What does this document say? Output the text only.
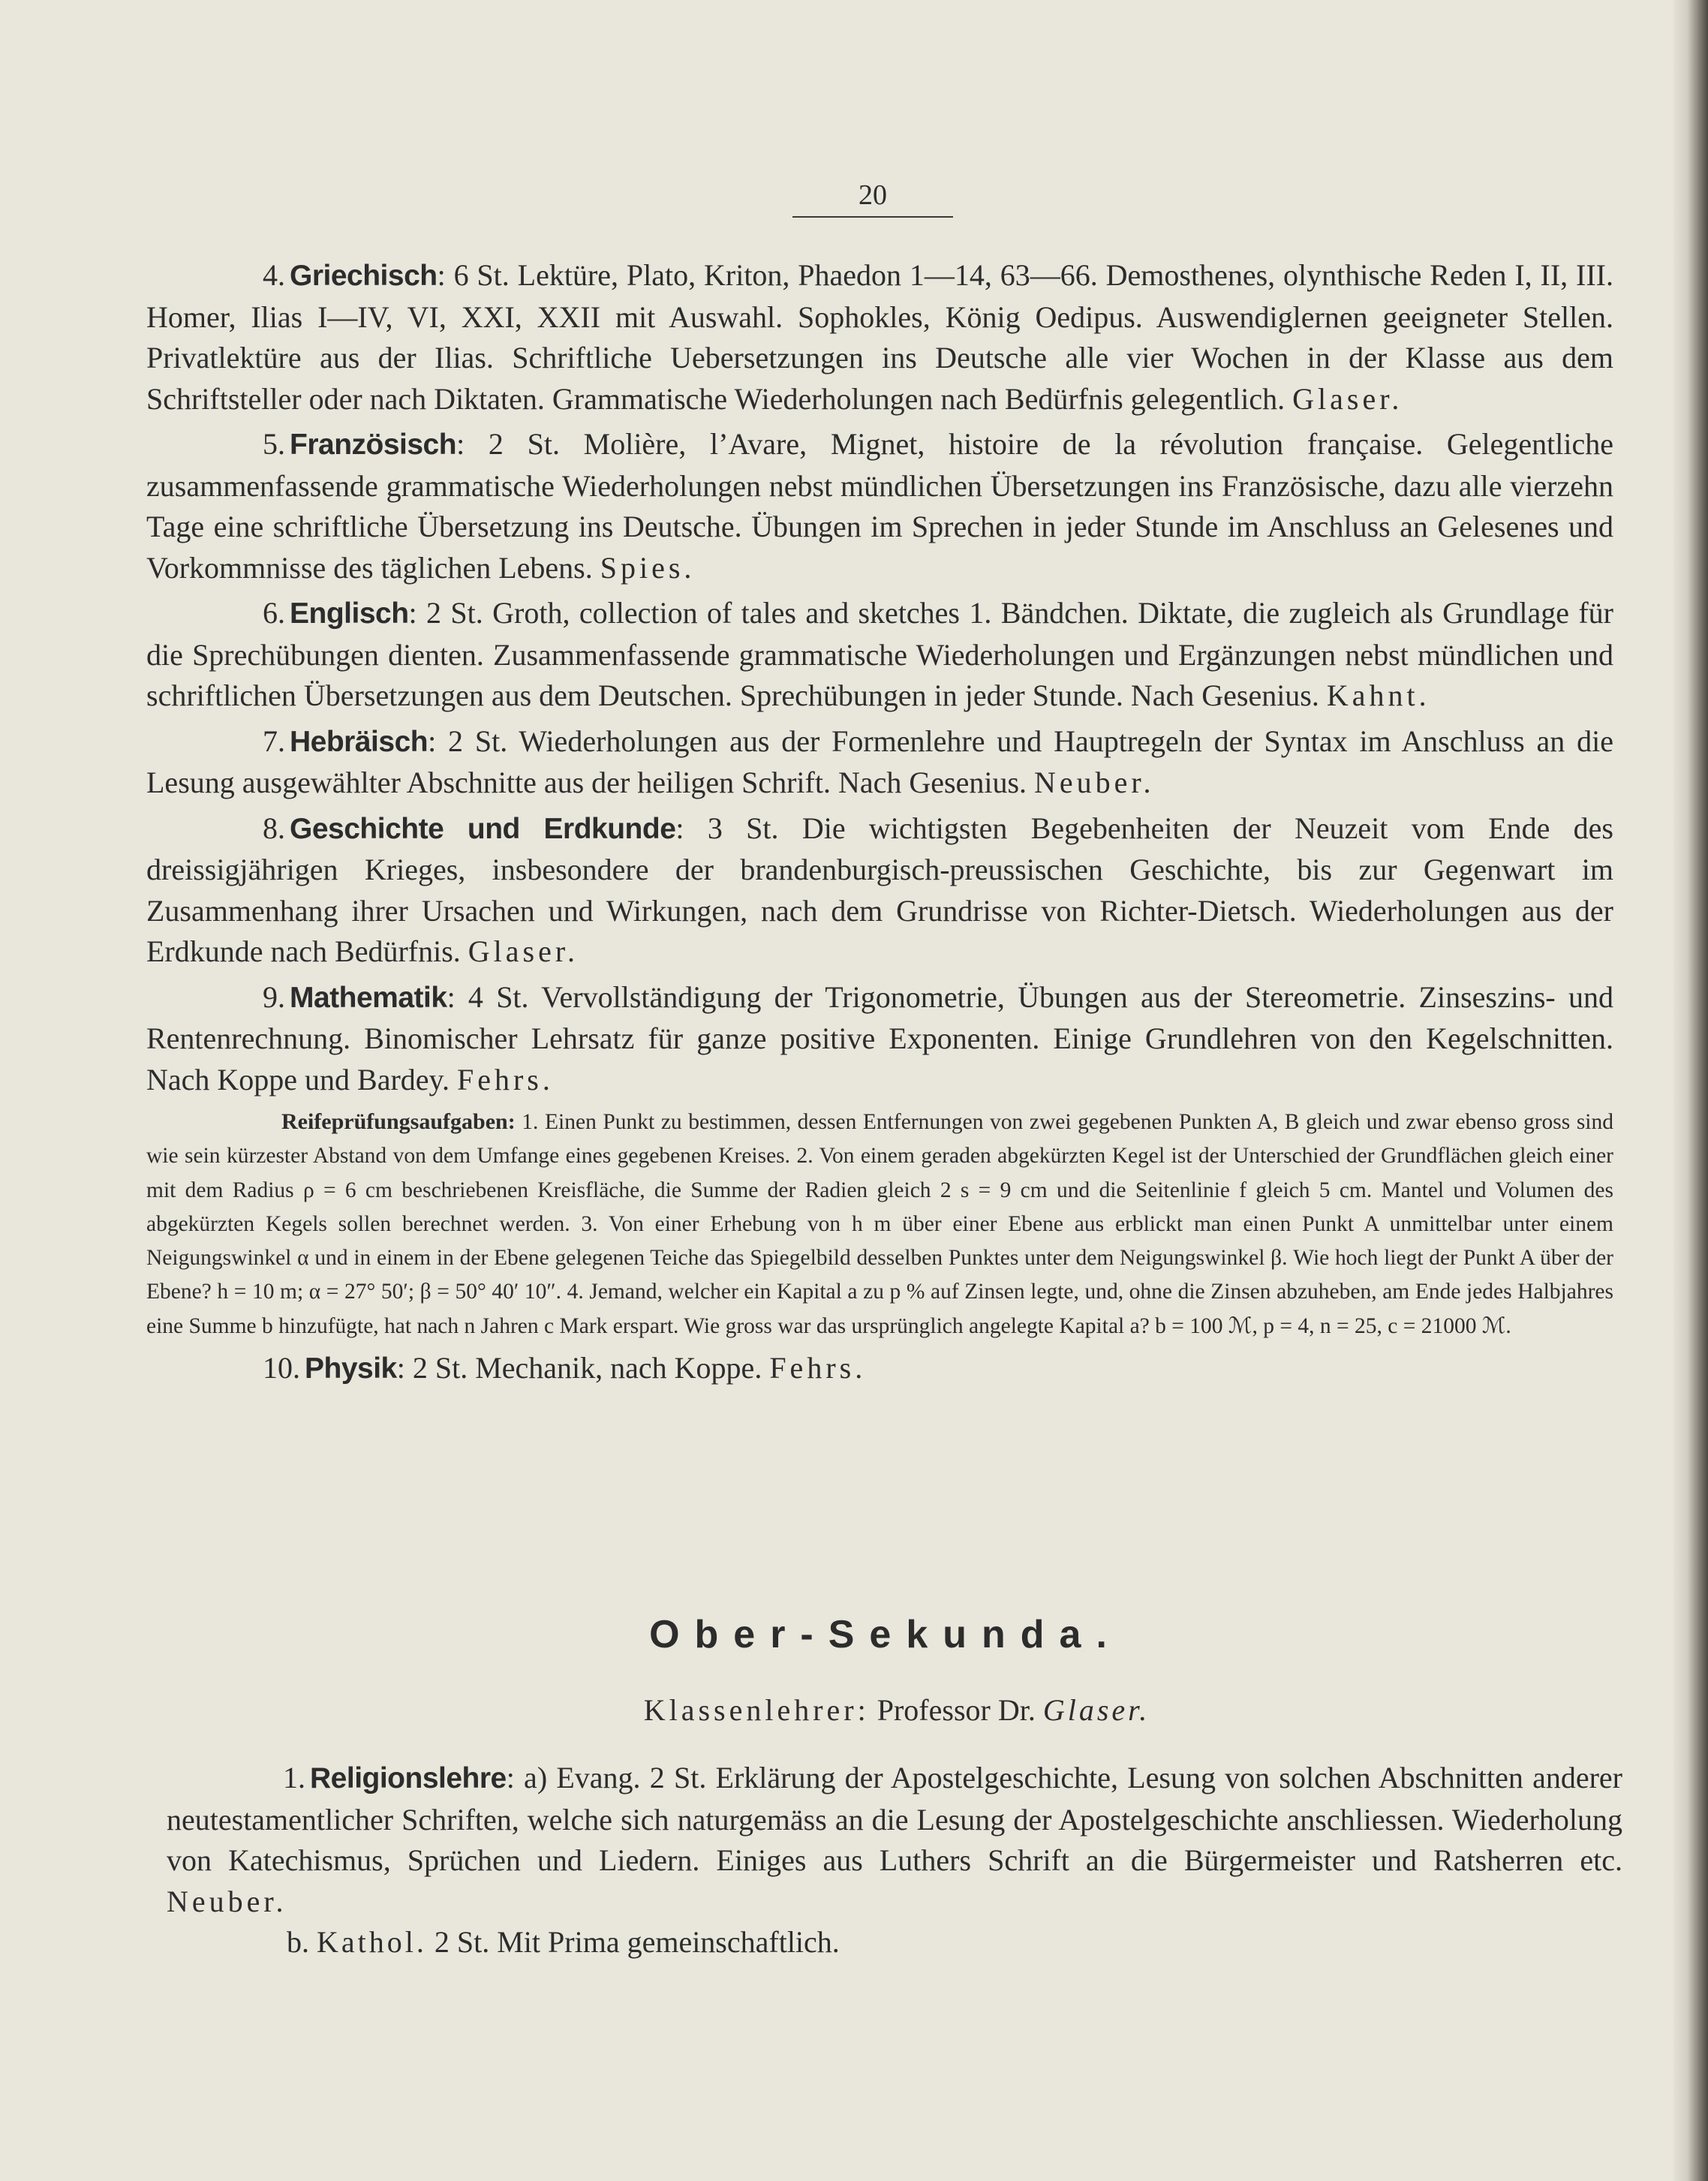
20

4. Griechisch: 6 St. Lektüre, Plato, Kriton, Phaedon 1—14, 63—66. Demosthenes, olynthische Reden I, II, III. Homer, Ilias I—IV, VI, XXI, XXII mit Auswahl. Sophokles, König Oedipus. Auswendiglernen geeigneter Stellen. Privatlektüre aus der Ilias. Schriftliche Uebersetzungen ins Deutsche alle vier Wochen in der Klasse aus dem Schriftsteller oder nach Diktaten. Grammatische Wiederholungen nach Bedürfnis gelegentlich. Glaser.

5. Französisch: 2 St. Molière, l’Avare, Mignet, histoire de la révolution française. Gelegentliche zusammenfassende grammatische Wiederholungen nebst mündlichen Übersetzungen ins Französische, dazu alle vierzehn Tage eine schriftliche Übersetzung ins Deutsche. Übungen im Sprechen in jeder Stunde im Anschluss an Gelesenes und Vorkommnisse des täglichen Lebens. Spies.

6. Englisch: 2 St. Groth, collection of tales and sketches 1. Bändchen. Diktate, die zugleich als Grundlage für die Sprechübungen dienten. Zusammenfassende grammatische Wiederholungen und Ergänzungen nebst mündlichen und schriftlichen Übersetzungen aus dem Deutschen. Sprechübungen in jeder Stunde. Nach Gesenius. Kahnt.

7. Hebräisch: 2 St. Wiederholungen aus der Formenlehre und Hauptregeln der Syntax im Anschluss an die Lesung ausgewählter Abschnitte aus der heiligen Schrift. Nach Gesenius. Neuber.

8. Geschichte und Erdkunde: 3 St. Die wichtigsten Begebenheiten der Neuzeit vom Ende des dreissigjährigen Krieges, insbesondere der brandenburgisch-preussischen Geschichte, bis zur Gegenwart im Zusammenhang ihrer Ursachen und Wirkungen, nach dem Grundrisse von Richter-Dietsch. Wiederholungen aus der Erdkunde nach Bedürfnis. Glaser.

9. Mathematik: 4 St. Vervollständigung der Trigonometrie, Übungen aus der Stereometrie. Zinseszins- und Rentenrechnung. Binomischer Lehrsatz für ganze positive Exponenten. Einige Grundlehren von den Kegelschnitten. Nach Koppe und Bardey. Fehrs.

Reifeprüfungsaufgaben: 1. Einen Punkt zu bestimmen, dessen Entfernungen von zwei gegebenen Punkten A, B gleich und zwar ebenso gross sind wie sein kürzester Abstand von dem Umfange eines gegebenen Kreises. 2. Von einem geraden abgekürzten Kegel ist der Unterschied der Grundflächen gleich einer mit dem Radius ρ = 6 cm beschriebenen Kreisfläche, die Summe der Radien gleich 2 s = 9 cm und die Seitenlinie f gleich 5 cm. Mantel und Volumen des abgekürzten Kegels sollen berechnet werden. 3. Von einer Erhebung von h m über einer Ebene aus erblickt man einen Punkt A unmittelbar unter einem Neigungswinkel α und in einem in der Ebene gelegenen Teiche das Spiegelbild desselben Punktes unter dem Neigungswinkel β. Wie hoch liegt der Punkt A über der Ebene? h = 10 m; α = 27° 50′; β = 50° 40′ 10″. 4. Jemand, welcher ein Kapital a zu p % auf Zinsen legte, und, ohne die Zinsen abzuheben, am Ende jedes Halbjahres eine Summe b hinzufügte, hat nach n Jahren c Mark erspart. Wie gross war das ursprünglich angelegte Kapital a? b = 100 ℳ, p = 4, n = 25, c = 21000 ℳ.

10. Physik: 2 St. Mechanik, nach Koppe. Fehrs.

Ober-Sekunda.
Klassenlehrer: Professor Dr. Glaser.

1. Religionslehre: a) Evang. 2 St. Erklärung der Apostelgeschichte, Lesung von solchen Abschnitten anderer neutestamentlicher Schriften, welche sich naturgemäss an die Lesung der Apostelgeschichte anschliessen. Wiederholung von Katechismus, Sprüchen und Liedern. Einiges aus Luthers Schrift an die Bürgermeister und Ratsherren etc. Neuber.

b. Kathol. 2 St. Mit Prima gemeinschaftlich.
